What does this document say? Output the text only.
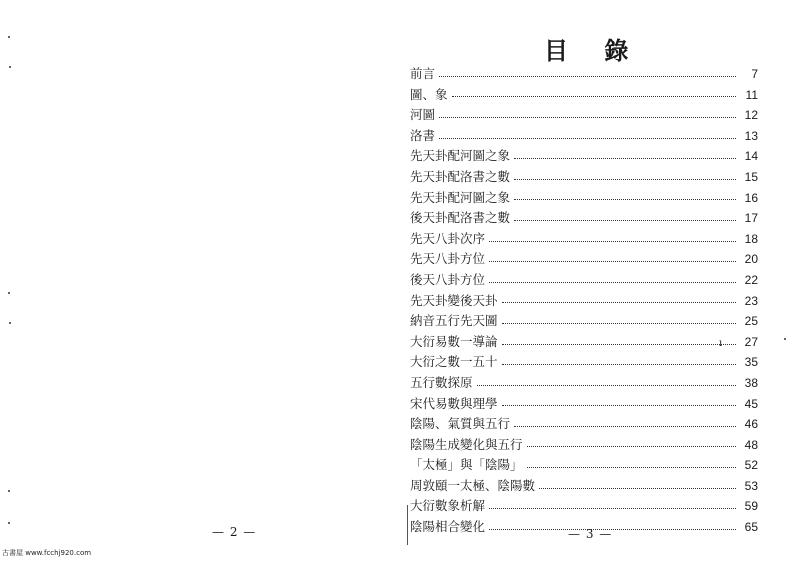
— 2 —
古書屋 www.fcchj920.com
目 錄
前言	7
圖、象	11
河圖	12
洛書	13
先天卦配河圖之象	14
先天卦配洛書之數	15
先天卦配河圖之象	16
後天卦配洛書之數	17
先天八卦次序	18
先天八卦方位	20
後天八卦方位	22
先天卦變後天卦	23
納音五行先天圖	25
大衍易數一導論	27
大衍之數一五十	35
五行數探原	38
宋代易數與理學	45
陰陽、氣質與五行	46
陰陽生成變化與五行	48
「太極」與「陰陽」	52
周敦頤一太極、陰陽數	53
大衍數象析解	59
陰陽相合變化	65
ı
— 3 —
